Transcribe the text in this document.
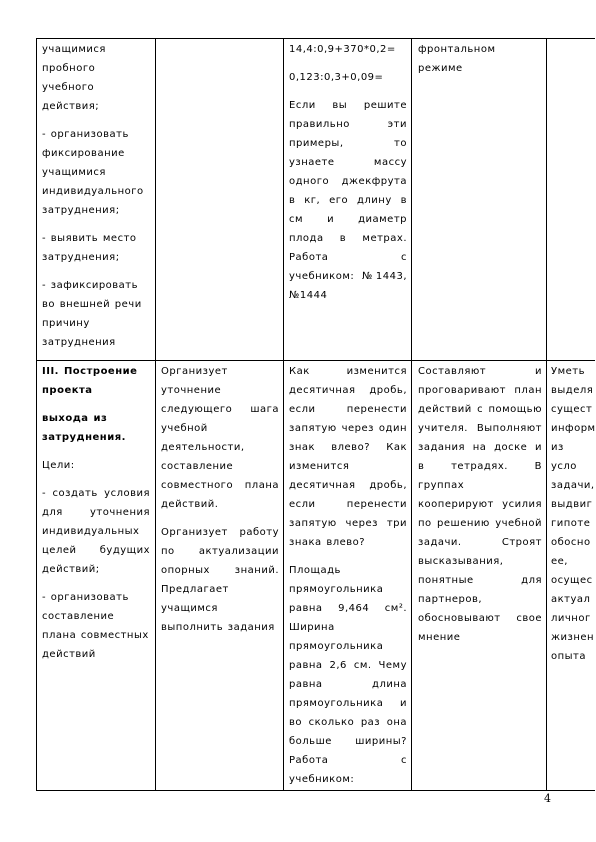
учащимися пробного учебного действия;

- организовать фиксирование учащимися индивидуального затруднения;

- выявить место затруднения;

- зафиксировать во внешней речи причину затруднения

14,4:0,9+370*0,2=

0,123:0,3+0,09=

Если вы решите правильно эти примеры, то узнаете массу одного джекфрута в кг, его длину в см и диаметр плода в метрах. Работа с учебником: №1443, №1444

фронтальном режиме

III. Построение проекта

выхода из затруднения.

Цели:

- создать условия для уточнения индивидуальных целей будущих действий;

- организовать составление плана совместных действий

Организует уточнение следующего шага учебной деятельности, составление совместного плана действий.

Организует работу по актуализации опорных знаний. Предлагает учащимся выполнить задания

Как изменится десятичная дробь, если перенести запятую через один знак влево? Как изменится десятичная дробь, если перенести запятую через три знака влево?

Площадь прямоугольника равна 9,464 см². Ширина прямоугольника равна 2,6 см. Чему равна длина прямоугольника и во сколько раз она больше ширины? Работа с учебником:

Составляют и проговаривают план действий с помощью учителя. Выполняют задания на доске и в тетрадях. В группах кооперируют усилия по решению учебной задачи. Строят высказывания, понятные для партнеров, обосновывают свое мнение

Уметь выделя сущест информ из усло задачи, выдвиг гипоте обосно ее, осущес актуал личног жизнен опыта

4
